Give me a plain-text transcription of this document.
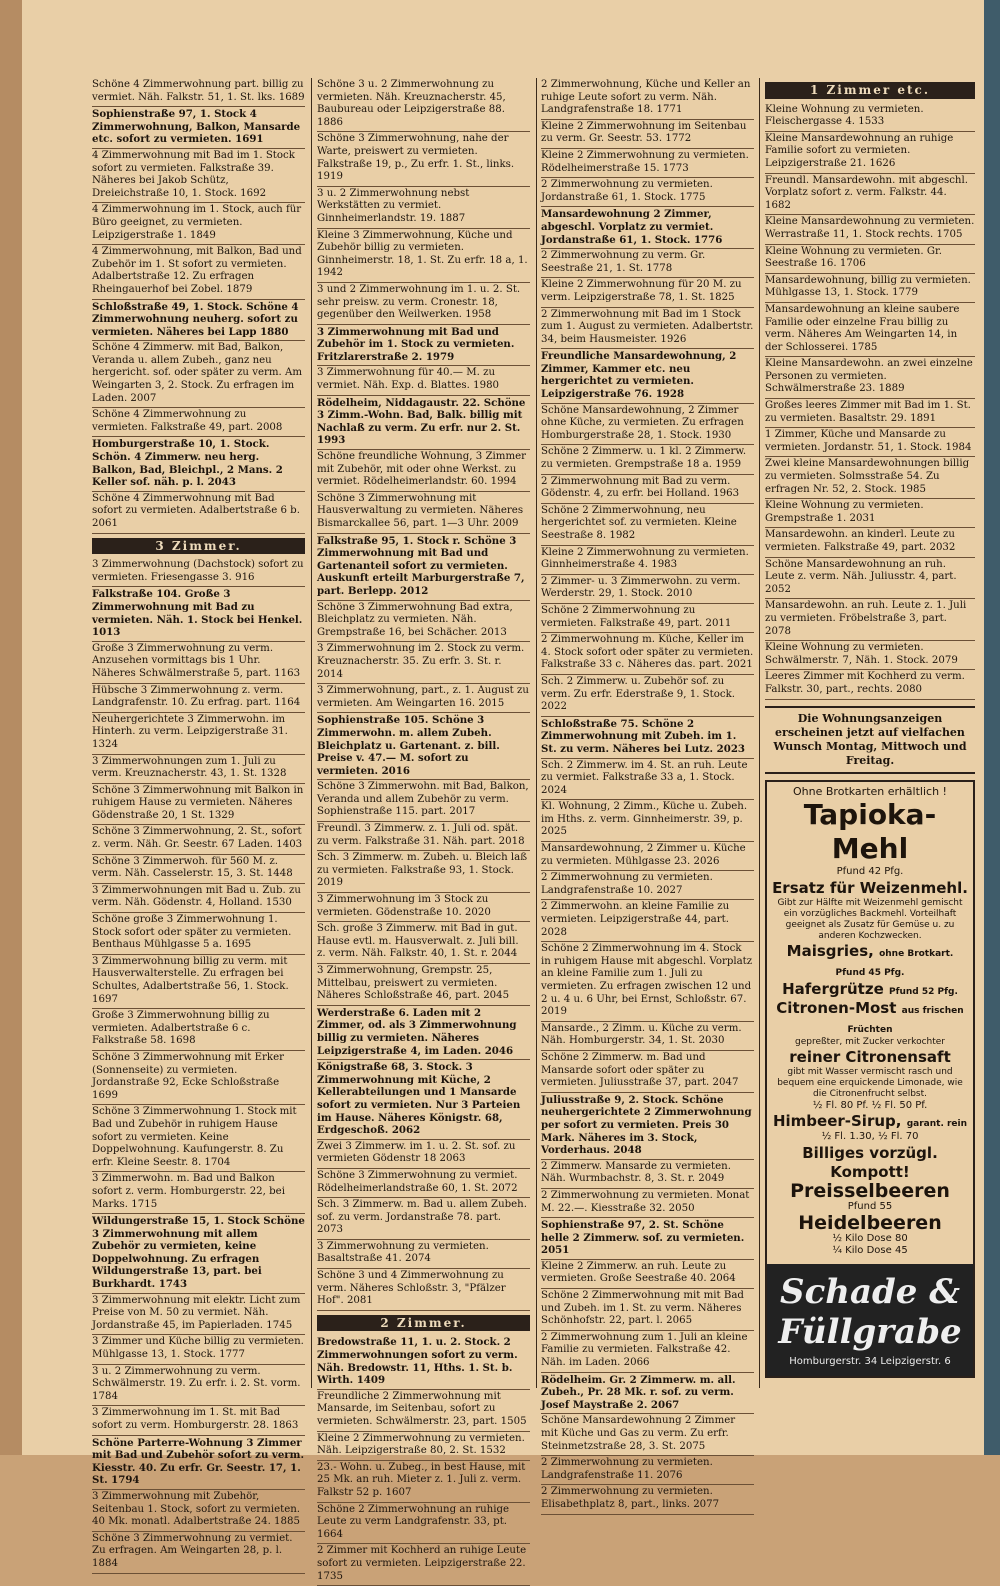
Schöne 4 Zimmerwohnung part. billig zu vermiet. Näh. Falkstr. 51, 1. St. lks. 1689
Sophienstraße 97, 1. Stock 4 Zimmerwohnung, Balkon, Mansarde etc. sofort zu vermieten. 1691
4 Zimmerwohnung mit Bad im 1. Stock sofort zu vermieten. Falkstraße 39. Näheres bei Jakob Schütz, Dreieichstraße 10, 1. Stock. 1692
4 Zimmerwohnung im 1. Stock, auch für Büro geeignet, zu vermieten. Leipzigerstraße 1. 1849
4 Zimmerwohnung, mit Balkon, Bad und Zubehör im 1. St sofort zu vermieten. Adalbertstraße 12. Zu erfragen Rheingauerhof bei Zobel. 1879
Schloßstraße 49, 1. Stock. Schöne 4 Zimmerwohnung neuherg. sofort zu vermieten. Näheres bei Lapp 1880
Schöne 4 Zimmerw. mit Bad, Balkon, Veranda u. allem Zubeh., ganz neu hergericht. sof. oder später zu verm. Am Weingarten 3, 2. Stock. Zu erfragen im Laden. 2007
Schöne 4 Zimmerwohnung zu vermieten. Falkstraße 49, part. 2008
Homburgerstraße 10, 1. Stock. Schön. 4 Zimmerw. neu herg. Balkon, Bad, Bleichpl., 2 Mans. 2 Keller sof. näh. p. l. 2043
Schöne 4 Zimmerwohnung mit Bad sofort zu vermieten. Adalbertstraße 6 b. 2061
3 Zimmer.
3 Zimmerwohnung (Dachstock) sofort zu vermieten. Friesengasse 3. 916
Falkstraße 104. Große 3 Zimmerwohnung mit Bad zu vermieten. Näh. 1. Stock bei Henkel. 1013
Große 3 Zimmerwohnung zu verm. Anzusehen vormittags bis 1 Uhr. Näheres Schwälmerstraße 5, part. 1163
Hübsche 3 Zimmerwohnung z. verm. Landgrafenstr. 10. Zu erfrag. part. 1164
Neuhergerichtete 3 Zimmerwohn. im Hinterh. zu verm. Leipzigerstraße 31. 1324
3 Zimmerwohnungen zum 1. Juli zu verm. Kreuznacherstr. 43, 1. St. 1328
Schöne 3 Zimmerwohnung mit Balkon in ruhigem Hause zu vermieten. Näheres Gödenstraße 20, 1 St. 1329
Schöne 3 Zimmerwohnung, 2. St., sofort z. verm. Näh. Gr. Seestr. 67 Laden. 1403
Schöne 3 Zimmerwoh. für 560 M. z. verm. Näh. Casselerstr. 15, 3. St. 1448
3 Zimmerwohnungen mit Bad u. Zub. zu verm. Näh. Gödenstr. 4, Holland. 1530
Schöne große 3 Zimmerwohnung 1. Stock sofort oder später zu vermieten. Benthaus Mühlgasse 5 a. 1695
3 Zimmerwohnung billig zu verm. mit Hausverwalterstelle. Zu erfragen bei Schultes, Adalbertstraße 56, 1. Stock. 1697
Große 3 Zimmerwohnung billig zu vermieten. Adalbertstraße 6 c. Falkstraße 58. 1698
Schöne 3 Zimmerwohnung mit Erker (Sonnenseite) zu vermieten. Jordanstraße 92, Ecke Schloßstraße 1699
Schöne 3 Zimmerwohnung 1. Stock mit Bad und Zubehör in ruhigem Hause sofort zu vermieten. Keine Doppelwohnung. Kaufungerstr. 8. Zu erfr. Kleine Seestr. 8. 1704
3 Zimmerwohn. m. Bad und Balkon sofort z. verm. Homburgerstr. 22, bei Marks. 1715
Wildungerstraße 15, 1. Stock Schöne 3 Zimmerwohnung mit allem Zubehör zu vermieten, keine Doppelwohnung. Zu erfragen Wildungerstraße 13, part. bei Burkhardt. 1743
3 Zimmerwohnung mit elektr. Licht zum Preise von M. 50 zu vermiet. Näh. Jordanstraße 45, im Papierladen. 1745
3 Zimmer und Küche billig zu vermieten. Mühlgasse 13, 1. Stock. 1777
3 u. 2 Zimmerwohnung zu verm. Schwälmerstr. 19. Zu erfr. i. 2. St. vorm. 1784
3 Zimmerwohnung im 1. St. mit Bad sofort zu verm. Homburgerstr. 28. 1863
Schöne Parterre-Wohnung 3 Zimmer mit Bad und Zubehör sofort zu verm. Kiesstr. 40. Zu erfr. Gr. Seestr. 17, 1. St. 1794
3 Zimmerwohnung mit Zubehör, Seitenbau 1. Stock, sofort zu vermieten. 40 Mk. monatl. Adalbertstraße 24. 1885
Schöne 3 Zimmerwohnung zu vermiet. Zu erfragen. Am Weingarten 28, p. l. 1884
Schöne 3 u. 2 Zimmerwohnung zu vermieten. Näh. Kreuznacherstr. 45, Baubureau oder Leipzigerstraße 88. 1886
Schöne 3 Zimmerwohnung, nahe der Warte, preiswert zu vermieten. Falkstraße 19, p., Zu erfr. 1. St., links. 1919
3 u. 2 Zimmerwohnung nebst Werkstätten zu vermiet. Ginnheimerlandstr. 19. 1887
Kleine 3 Zimmerwohnung, Küche und Zubehör billig zu vermieten. Ginnheimerstr. 18, 1. St. Zu erfr. 18 a, 1. 1942
3 und 2 Zimmerwohnung im 1. u. 2. St. sehr preisw. zu verm. Cronestr. 18, gegenüber den Weilwerken. 1958
3 Zimmerwohnung mit Bad und Zubehör im 1. Stock zu vermieten. Fritzlarerstraße 2. 1979
3 Zimmerwohnung für 40.— M. zu vermiet. Näh. Exp. d. Blattes. 1980
Rödelheim, Niddagaustr. 22. Schöne 3 Zimm.-Wohn. Bad, Balk. billig mit Nachlaß zu verm. Zu erfr. nur 2. St. 1993
Schöne freundliche Wohnung, 3 Zimmer mit Zubehör, mit oder ohne Werkst. zu vermiet. Rödelheimerlandstr. 60. 1994
Schöne 3 Zimmerwohnung mit Hausverwaltung zu vermieten. Näheres Bismarckallee 56, part. 1—3 Uhr. 2009
Falkstraße 95, 1. Stock r. Schöne 3 Zimmerwohnung mit Bad und Gartenanteil sofort zu vermieten. Auskunft erteilt Marburgerstraße 7, part. Berlepp. 2012
Schöne 3 Zimmerwohnung Bad extra, Bleichplatz zu vermieten. Näh. Grempstraße 16, bei Schächer. 2013
3 Zimmerwohnung im 2. Stock zu verm. Kreuznacherstr. 35. Zu erfr. 3. St. r. 2014
3 Zimmerwohnung, part., z. 1. August zu vermieten. Am Weingarten 16. 2015
Sophienstraße 105. Schöne 3 Zimmerwohn. m. allem Zubeh. Bleichplatz u. Gartenant. z. bill. Preise v. 47.— M. sofort zu vermieten. 2016
Schöne 3 Zimmerwohn. mit Bad, Balkon, Veranda und allem Zubehör zu verm. Sophienstraße 115. part. 2017
Freundl. 3 Zimmerw. z. 1. Juli od. spät. zu verm. Falkstraße 31. Näh. part. 2018
Sch. 3 Zimmerw. m. Zubeh. u. Bleich laß zu vermieten. Falkstraße 93, 1. Stock. 2019
3 Zimmerwohnung im 3 Stock zu vermieten. Gödenstraße 10. 2020
Sch. große 3 Zimmerw. mit Bad in gut. Hause evtl. m. Hausverwalt. z. Juli bill. z. verm. Näh. Falkstr. 40, 1. St. r. 2044
3 Zimmerwohnung, Grempstr. 25, Mittelbau, preiswert zu vermieten. Näheres Schloßstraße 46, part. 2045
Werderstraße 6. Laden mit 2 Zimmer, od. als 3 Zimmerwohnung billig zu vermieten. Näheres Leipzigerstraße 4, im Laden. 2046
Königstraße 68, 3. Stock. 3 Zimmerwohnung mit Küche, 2 Kellerabteilungen und 1 Mansarde sofort zu vermieten. Nur 3 Parteien im Hause. Näheres Königstr. 68, Erdgeschoß. 2062
Zwei 3 Zimmerw. im 1. u. 2. St. sof. zu vermieten Gödenstr 18 2063
Schöne 3 Zimmerwohnung zu vermiet. Rödelheimerlandstraße 60, 1. St. 2072
Sch. 3 Zimmerw. m. Bad u. allem Zubeh. sof. zu verm. Jordanstraße 78. part. 2073
3 Zimmerwohnung zu vermieten. Basaltstraße 41. 2074
Schöne 3 und 4 Zimmerwohnung zu verm. Näheres Schloßstr. 3, "Pfälzer Hof". 2081
2 Zimmer.
Bredowstraße 11, 1. u. 2. Stock. 2 Zimmerwohnungen sofort zu verm. Näh. Bredowstr. 11, Hths. 1. St. b. Wirth. 1409
Freundliche 2 Zimmerwohnung mit Mansarde, im Seitenbau, sofort zu vermieten. Schwälmerstr. 23, part. 1505
Kleine 2 Zimmerwohnung zu vermieten. Näh. Leipzigerstraße 80, 2. St. 1532
23.- Wohn. u. Zubeg., in best Hause, mit 25 Mk. an ruh. Mieter z. 1. Juli z. verm. Falkstr 52 p. 1607
Schöne 2 Zimmerwohnung an ruhige Leute zu verm Landgrafenstr. 33, pt. 1664
2 Zimmer mit Kochherd an ruhige Leute sofort zu vermieten. Leipzigerstraße 22. 1735
2 Zimmerwohnung, Küche und Keller an ruhige Leute sofort zu verm. Näh. Landgrafenstraße 18. 1771
Kleine 2 Zimmerwohnung im Seitenbau zu verm. Gr. Seestr. 53. 1772
Kleine 2 Zimmerwohnung zu vermieten. Rödelheimerstraße 15. 1773
2 Zimmerwohnung zu vermieten. Jordanstraße 61, 1. Stock. 1775
Mansardewohnung 2 Zimmer, abgeschl. Vorplatz zu vermiet. Jordanstraße 61, 1. Stock. 1776
2 Zimmerwohnung zu verm. Gr. Seestraße 21, 1. St. 1778
Kleine 2 Zimmerwohnung für 20 M. zu verm. Leipzigerstraße 78, 1. St. 1825
2 Zimmerwohnung mit Bad im 1 Stock zum 1. August zu vermieten. Adalbertstr. 34, beim Hausmeister. 1926
Freundliche Mansardewohnung, 2 Zimmer, Kammer etc. neu hergerichtet zu vermieten. Leipzigerstraße 76. 1928
Schöne Mansardewohnung, 2 Zimmer ohne Küche, zu vermieten. Zu erfragen Homburgerstraße 28, 1. Stock. 1930
Schöne 2 Zimmerw. u. 1 kl. 2 Zimmerw. zu vermieten. Grempstraße 18 a. 1959
2 Zimmerwohnung mit Bad zu verm. Gödenstr. 4, zu erfr. bei Holland. 1963
Schöne 2 Zimmerwohnung, neu hergerichtet sof. zu vermieten. Kleine Seestraße 8. 1982
Kleine 2 Zimmerwohnung zu vermieten. Ginnheimerstraße 4. 1983
2 Zimmer- u. 3 Zimmerwohn. zu verm. Werderstr. 29, 1. Stock. 2010
Schöne 2 Zimmerwohnung zu vermieten. Falkstraße 49, part. 2011
2 Zimmerwohnung m. Küche, Keller im 4. Stock sofort oder später zu vermieten. Falkstraße 33 c. Näheres das. part. 2021
Sch. 2 Zimmerw. u. Zubehör sof. zu verm. Zu erfr. Ederstraße 9, 1. Stock. 2022
Schloßstraße 75. Schöne 2 Zimmerwohnung mit Zubeh. im 1. St. zu verm. Näheres bei Lutz. 2023
Sch. 2 Zimmerw. im 4. St. an ruh. Leute zu vermiet. Falkstraße 33 a, 1. Stock. 2024
Kl. Wohnung, 2 Zimm., Küche u. Zubeh. im Hths. z. verm. Ginnheimerstr. 39, p. 2025
Mansardewohnung, 2 Zimmer u. Küche zu vermieten. Mühlgasse 23. 2026
2 Zimmerwohnung zu vermieten. Landgrafenstraße 10. 2027
2 Zimmerwohn. an kleine Familie zu vermieten. Leipzigerstraße 44, part. 2028
Schöne 2 Zimmerwohnung im 4. Stock in ruhigem Hause mit abgeschl. Vorplatz an kleine Familie zum 1. Juli zu vermieten. Zu erfragen zwischen 12 und 2 u. 4 u. 6 Uhr, bei Ernst, Schloßstr. 67. 2019
Mansarde., 2 Zimm. u. Küche zu verm. Näh. Homburgerstr. 34, 1. St. 2030
Schöne 2 Zimmerw. m. Bad und Mansarde sofort oder später zu vermieten. Juliusstraße 37, part. 2047
Juliusstraße 9, 2. Stock. Schöne neuhergerichtete 2 Zimmerwohnung per sofort zu vermieten. Preis 30 Mark. Näheres im 3. Stock, Vorderhaus. 2048
2 Zimmerw. Mansarde zu vermieten. Näh. Wurmbachstr. 8, 3. St. r. 2049
2 Zimmerwohnung zu vermieten. Monat M. 22.—. Kiesstraße 32. 2050
Sophienstraße 97, 2. St. Schöne helle 2 Zimmerw. sof. zu vermieten. 2051
Kleine 2 Zimmerw. an ruh. Leute zu vermieten. Große Seestraße 40. 2064
Schöne 2 Zimmerwohnung mit mit Bad und Zubeh. im 1. St. zu verm. Näheres Schönhofstr. 22, part. l. 2065
2 Zimmerwohnung zum 1. Juli an kleine Familie zu vermieten. Falkstraße 42. Näh. im Laden. 2066
Rödelheim. Gr. 2 Zimmerw. m. all. Zubeh., Pr. 28 Mk. r. sof. zu verm. Josef Maystraße 2. 2067
Schöne Mansardewohnung 2 Zimmer mit Küche und Gas zu verm. Zu erfr. Steinmetzstraße 28, 3. St. 2075
2 Zimmerwohnung zu vermieten. Landgrafenstraße 11. 2076
2 Zimmerwohnung zu vermieten. Elisabethplatz 8, part., links. 2077
1 Zimmer etc.
Kleine Wohnung zu vermieten. Fleischergasse 4. 1533
Kleine Mansardewohnung an ruhige Familie sofort zu vermieten. Leipzigerstraße 21. 1626
Freundl. Mansardewohn. mit abgeschl. Vorplatz sofort z. verm. Falkstr. 44. 1682
Kleine Mansardewohnung zu vermieten. Werrastraße 11, 1. Stock rechts. 1705
Kleine Wohnung zu vermieten. Gr. Seestraße 16. 1706
Mansardewohnung, billig zu vermieten. Mühlgasse 13, 1. Stock. 1779
Mansardewohnung an kleine saubere Familie oder einzelne Frau billig zu verm. Näheres Am Weingarten 14, in der Schlosserei. 1785
Kleine Mansardewohn. an zwei einzelne Personen zu vermieten. Schwälmerstraße 23. 1889
Großes leeres Zimmer mit Bad im 1. St. zu vermieten. Basaltstr. 29. 1891
1 Zimmer, Küche und Mansarde zu vermieten. Jordanstr. 51, 1. Stock. 1984
Zwei kleine Mansardewohnungen billig zu vermieten. Solmsstraße 54. Zu erfragen Nr. 52, 2. Stock. 1985
Kleine Wohnung zu vermieten. Grempstraße 1. 2031
Mansardewohn. an kinderl. Leute zu vermieten. Falkstraße 49, part. 2032
Schöne Mansardewohnung an ruh. Leute z. verm. Näh. Juliusstr. 4, part. 2052
Mansardewohn. an ruh. Leute z. 1. Juli zu vermieten. Fröbelstraße 3, part. 2078
Kleine Wohnung zu vermieten. Schwälmerstr. 7, Näh. 1. Stock. 2079
Leeres Zimmer mit Kochherd zu verm. Falkstr. 30, part., rechts. 2080
Die Wohnungsanzeigen erscheinen jetzt auf vielfachen Wunsch Montag, Mittwoch und Freitag.
Ohne Brotkarten erhältlich !
Tapioka-Mehl
Pfund 42 Pfg.
Ersatz für Weizenmehl.
Gibt zur Hälfte mit Weizenmehl gemischt ein vorzügliches Backmehl. Vorteilhaft geeignet als Zusatz für Gemüse u. zu anderen Kochzwecken.
Maisgries, ohne Brotkart. Pfund 45 Pfg.
Hafergrütze Pfund 52 Pfg.
Citronen-Most aus frischen Früchten
gepreßter, mit Zucker verkochter
reiner Citronensaft
gibt mit Wasser vermischt rasch und bequem eine erquickende Limonade, wie die Citronenfrucht selbst.
½ Fl. 80 Pf. ½ Fl. 50 Pf.
Himbeer-Sirup, garant. rein
½ Fl. 1.30, ½ Fl. 70
Billiges vorzügl. Kompott!
Preisselbeeren
Pfund 55
Heidelbeeren
½ Kilo Dose 80
¼ Kilo Dose 45
Schade & Füllgrabe
Homburgerstr. 34 Leipzigerstr. 6
